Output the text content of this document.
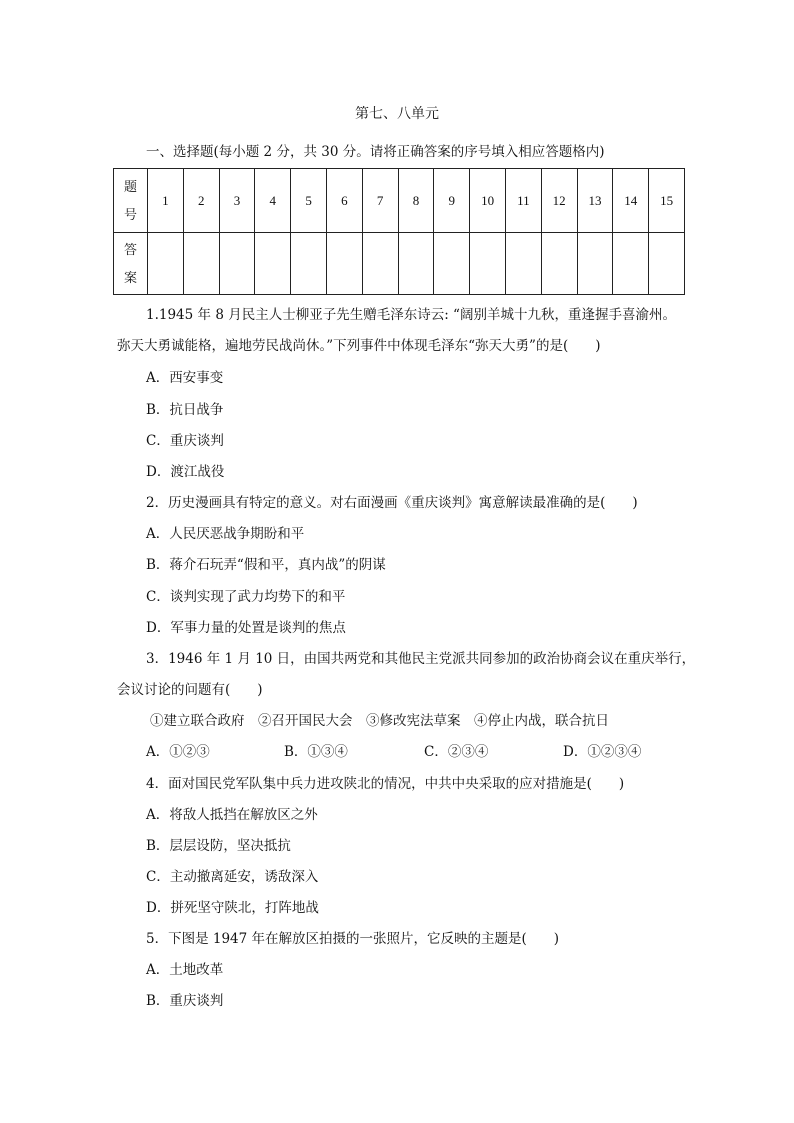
第七、八单元
一、选择题(每小题 2 分，共 30 分。请将正确答案的序号填入相应答题格内)
题
号	1	2	3	4	5	6	7	8	9	10	11	12	13	14	15

答
案															

1.1945 年 8 月民主人士柳亚子先生赠毛泽东诗云: “阔别羊城十九秋，重逢握手喜渝州。
弥天大勇诚能格，遍地劳民战尚休。”下列事件中体现毛泽东“弥天大勇”的是(　　)
A．西安事变
B．抗日战争
C．重庆谈判
D．渡江战役
2．历史漫画具有特定的意义。对右面漫画《重庆谈判》寓意解读最准确的是(　　)
A．人民厌恶战争期盼和平
B．蒋介石玩弄“假和平，真内战”的阴谋
C．谈判实现了武力均势下的和平
D．军事力量的处置是谈判的焦点
3．1946 年 1 月 10 日，由国共两党和其他民主党派共同参加的政治协商会议在重庆举行，
会议讨论的问题有(　　)
①建立联合政府　②召开国民大会　③修改宪法草案　④停止内战，联合抗日
A．①②③	B．①③④	C．②③④	D．①②③④
4．面对国民党军队集中兵力进攻陕北的情况，中共中央采取的应对措施是(　　)
A．将敌人抵挡在解放区之外
B．层层设防，坚决抵抗
C．主动撤离延安，诱敌深入
D．拼死坚守陕北，打阵地战
5．下图是 1947 年在解放区拍摄的一张照片，它反映的主题是(　　)
A．土地改革
B．重庆谈判
